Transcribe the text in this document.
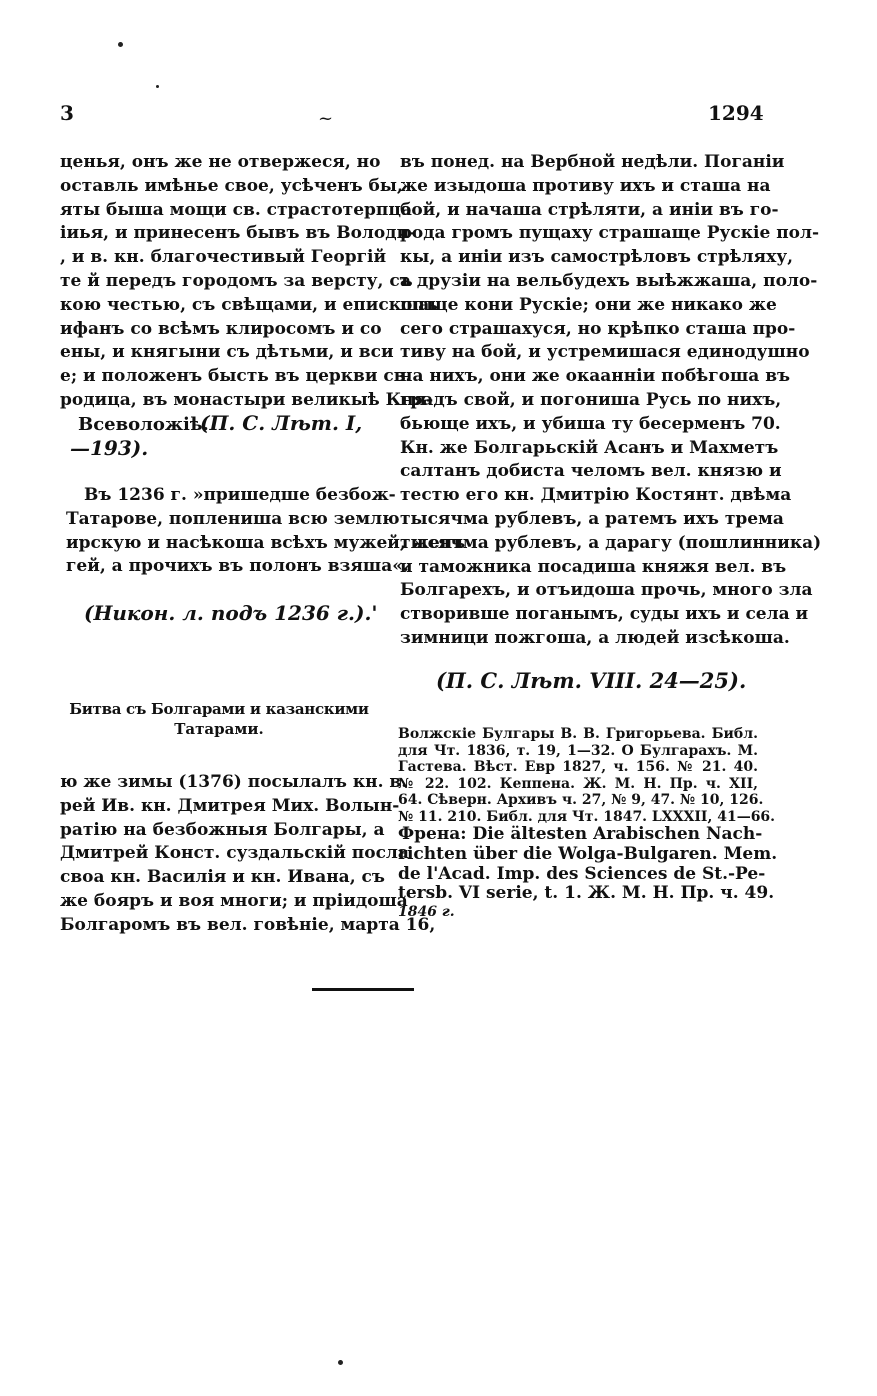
3	~	1294
ценья, онъ же не отвержеся, но
оставль имѣнье свое, усѣченъ бы,
яты быша мощи св. страстотерпца
іиья, и принесенъ бывъ въ Володи-
, и в. кн. благочестивый Георгій
те й передъ городомъ за версту, съ
кою честью, съ свѣщами, и епископъ
ифанъ со всѣмъ клиросомъ и со
ены, и княгыни съ дѣтьми, и вси
е; и положенъ бысть въ церкви св.
родица, въ монастыри великыѣ Кня-
Всеволожіѣ.
(П. С. Лѣт. I,
—193).
Въ 1236 г. »пришедше безбож-
Татарове, поплениша всю землю
ирскую и насѣкоша всѣхъ мужей, женъ
гей, а прочихъ въ полонъ взяша«.
(Никон. л. подъ 1236 г.).'
Битва съ Болгарами и казанскими
Татарами.
ю же зимы (1376) посылалъ кн. в.
рей Ив. кн. Дмитрея Мих. Волын-
ратію на безбожныя Болгары, а
Дмитрей Конст. суздальскій посла
своа кн. Василія и кн. Ивана, съ
же бояръ и воя многи; и пріидоша
Болгаромъ въ вел. говѣніе, марта 16,
въ понед. на Вербной недѣли. Поганіи
же изыдоша противу ихъ и сташа на
бой, и начаша стрѣляти, а иніи въ го-
рода громъ пущаху страшаще Рускіе пол-
кы, а иніи изъ самострѣловъ стрѣляху,
а друзіи на вельбудехъ выѣжжаша, полo-
шаще кони Рускіе; они же никако же
сего страшахуся, но крѣпко сташа про-
тиву на бой, и устремишася единодушно
на нихъ, они же окаанніи побѣгоша въ
градъ свой, и погониша Русь по нихъ,
бьюще ихъ, и убиша ту бесерменъ 70.
Кн. же Болгарьскій Асанъ и Махметъ
салтанъ добиста челомъ вел. князю и
тестю его кн. Дмитрію Костянт. двѣма
тысячма рублевъ, а ратемъ ихъ трема
тысячма рублевъ, а дарагу (пошлинника)
и таможника посадиша княжя вел. въ
Болгарехъ, и отъидоша прочь, много зла
створивше поганымъ, суды ихъ и села и
зимници пожгоша, а людей изсѣкоша.
(П. С. Лѣт. VIII. 24—25).
Волжскіе Булгары В. В. Григорьева. Библ.
для Чт. 1836, т. 19, 1—32. О Булгарахъ. М.
Гастева. Вѣст. Евр 1827, ч. 156. № 21. 40.
№ 22. 102. Кеппена. Ж. М. Н. Пр. ч. XII,
64. Сѣверн. Архивъ ч. 27, № 9, 47. № 10, 126.
№ 11. 210. Библ. для Чт. 1847. LXXXII, 41—66.
Френа: Die ältesten Arabischen Nach-
richten über die Wolga-Bulgaren. Mem.
de l'Acad. Imp. des Sciences de St.-Pe-
tersb. VI serie, t. 1. Ж. М. Н. Пр. ч. 49.
1846 г.
